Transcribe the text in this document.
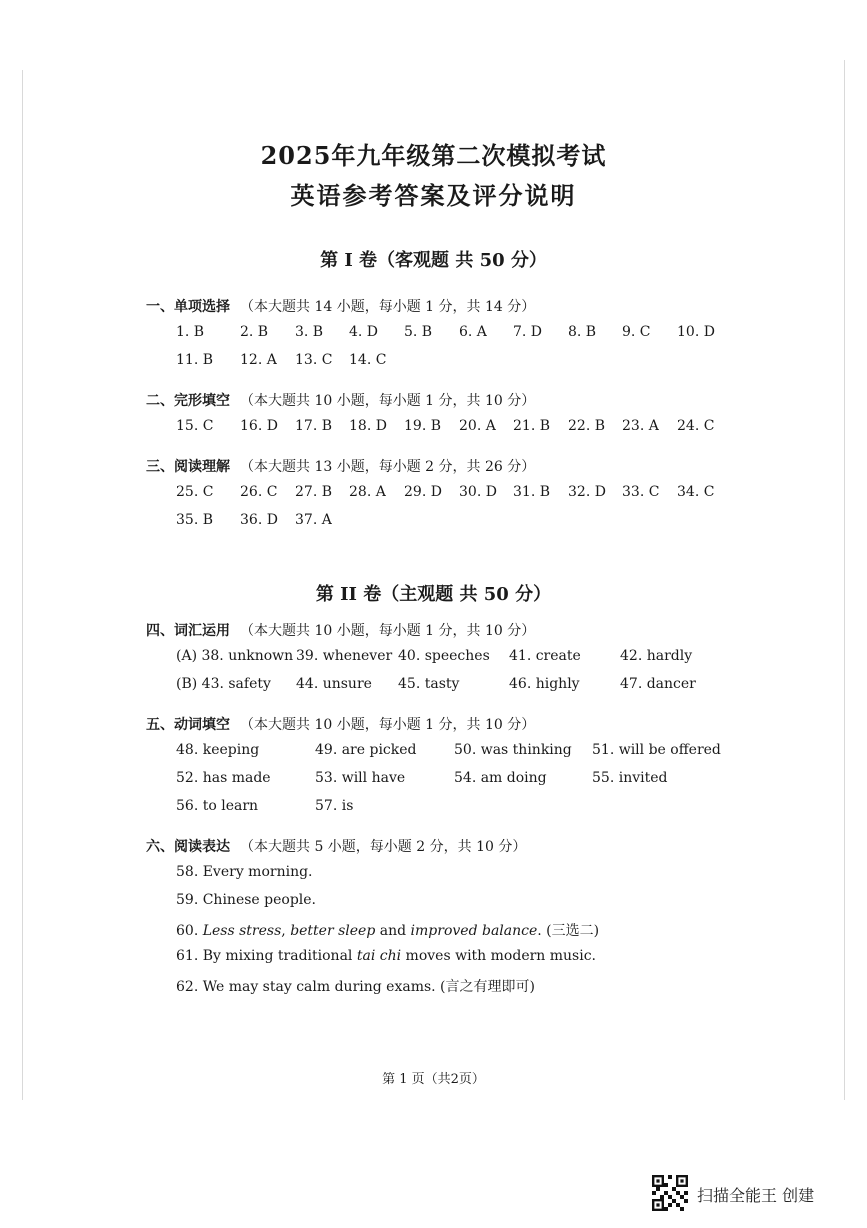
2025年九年级第二次模拟考试
英语参考答案及评分说明
第 I 卷（客观题 共 50 分）
一、单项选择 （本大题共 14 小题，每小题 1 分，共 14 分）
1. B	2. B 3. B 4. D 5. B 6. A 7. D 8. B 9. C 10. D
11. B 12. A 13. C 14. C
二、完形填空 （本大题共 10 小题，每小题 1 分，共 10 分）
15. C 16. D 17. B 18. D 19. B 20. A 21. B 22. B 23. A 24. C
三、阅读理解 （本大题共 13 小题，每小题 2 分，共 26 分）
25. C 26. C 27. B 28. A 29. D 30. D 31. B 32. D 33. C 34. C
35. B 36. D 37. A
第 II 卷（主观题 共 50 分）
四、词汇运用 （本大题共 10 小题，每小题 1 分，共 10 分）
(A) 38. unknown 39. whenever 40. speeches 41. create	42. hardly
(B) 43. safety 44. unsure 45. tasty	46. highly	47. dancer
五、动词填空 （本大题共 10 小题，每小题 1 分，共 10 分）
48. keeping	49. are picked	50. was thinking 51. will be offered
52. has made	53. will have	54. am doing	55. invited
56. to learn	57. is
六、阅读表达 （本大题共 5 小题，每小题 2 分，共 10 分）
58. Every morning.
59. Chinese people.
60. Less stress, better sleep and improved balance. (三选二)
61. By mixing traditional tai chi moves with modern music.
62. We may stay calm during exams. (言之有理即可)
第 1 页（共2页）
扫描全能王 创建
